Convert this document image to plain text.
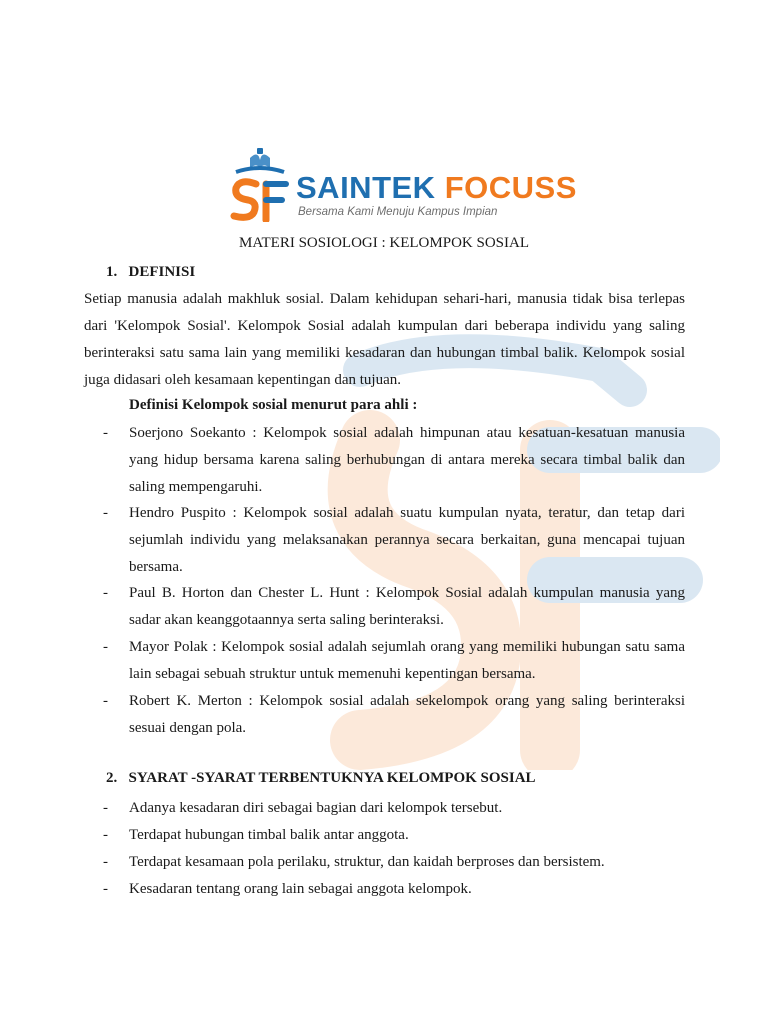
SAINTEK FOCUSS
Bersama Kami Menuju Kampus Impian
MATERI SOSIOLOGI : KELOMPOK SOSIAL
1. DEFINISI
Setiap manusia adalah makhluk sosial. Dalam kehidupan sehari-hari, manusia tidak bisa terlepas dari 'Kelompok Sosial'. Kelompok Sosial adalah kumpulan dari beberapa individu yang saling berinteraksi satu sama lain yang memiliki kesadaran dan hubungan timbal balik. Kelompok sosial juga didasari oleh kesamaan kepentingan dan tujuan.
Definisi Kelompok sosial menurut para ahli :
- Soerjono Soekanto : Kelompok sosial adalah himpunan atau kesatuan-kesatuan manusia yang hidup bersama karena saling berhubungan di antara mereka secara timbal balik dan saling mempengaruhi.
- Hendro Puspito : Kelompok sosial adalah suatu kumpulan nyata, teratur, dan tetap dari sejumlah individu yang melaksanakan perannya secara berkaitan, guna mencapai tujuan bersama.
- Paul B. Horton dan Chester L. Hunt : Kelompok Sosial adalah kumpulan manusia yang sadar akan keanggotaannya serta saling berinteraksi.
- Mayor Polak : Kelompok sosial adalah sejumlah orang yang memiliki hubungan satu sama lain sebagai sebuah struktur untuk memenuhi kepentingan bersama.
- Robert K. Merton : Kelompok sosial adalah sekelompok orang yang saling berinteraksi sesuai dengan pola.
2. SYARAT -SYARAT TERBENTUKNYA KELOMPOK SOSIAL
- Adanya kesadaran diri sebagai bagian dari kelompok tersebut.
- Terdapat hubungan timbal balik antar anggota.
- Terdapat kesamaan pola perilaku, struktur, dan kaidah berproses dan bersistem.
- Kesadaran tentang orang lain sebagai anggota kelompok.
